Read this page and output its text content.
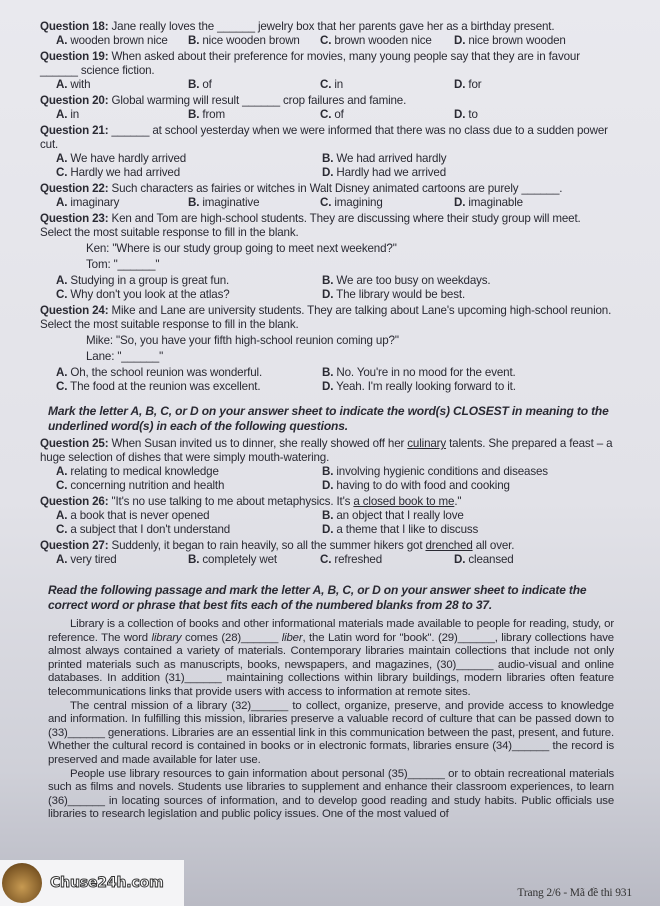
Question 18: Jane really loves the ______ jewelry box that her parents gave her as a birthday present.
A. wooden brown nice	B. nice wooden brown	C. brown wooden nice	D. nice brown wooden
Question 19: When asked about their preference for movies, many young people say that they are in favour ______ science fiction.
A. with	B. of	C. in	D. for
Question 20: Global warming will result ______ crop failures and famine.
A. in	B. from	C. of	D. to
Question 21: ______ at school yesterday when we were informed that there was no class due to a sudden power cut.
A. We have hardly arrived	B. We had arrived hardly
C. Hardly we had arrived	D. Hardly had we arrived
Question 22: Such characters as fairies or witches in Walt Disney animated cartoons are purely ______.
A. imaginary	B. imaginative	C. imagining	D. imaginable
Question 23: Ken and Tom are high-school students. They are discussing where their study group will meet. Select the most suitable response to fill in the blank.
Ken: "Where is our study group going to meet next weekend?"
Tom: "______"
A. Studying in a group is great fun.	B. We are too busy on weekdays.
C. Why don't you look at the atlas?	D. The library would be best.
Question 24: Mike and Lane are university students. They are talking about Lane's upcoming high-school reunion. Select the most suitable response to fill in the blank.
Mike: "So, you have your fifth high-school reunion coming up?"
Lane: "______"
A. Oh, the school reunion was wonderful.	B. No. You're in no mood for the event.
C. The food at the reunion was excellent.	D. Yeah. I'm really looking forward to it.
Mark the letter A, B, C, or D on your answer sheet to indicate the word(s) CLOSEST in meaning to the underlined word(s) in each of the following questions.
Question 25: When Susan invited us to dinner, she really showed off her culinary talents. She prepared a feast – a huge selection of dishes that were simply mouth-watering.
A. relating to medical knowledge	B. involving hygienic conditions and diseases
C. concerning nutrition and health	D. having to do with food and cooking
Question 26: "It's no use talking to me about metaphysics. It's a closed book to me."
A. a book that is never opened	B. an object that I really love
C. a subject that I don't understand	D. a theme that I like to discuss
Question 27: Suddenly, it began to rain heavily, so all the summer hikers got drenched all over.
A. very tired	B. completely wet	C. refreshed	D. cleansed
Read the following passage and mark the letter A, B, C, or D on your answer sheet to indicate the correct word or phrase that best fits each of the numbered blanks from 28 to 37.

Library is a collection of books and other informational materials made available to people for reading, study, or reference. The word library comes (28)______ liber, the Latin word for "book". (29)______, library collections have almost always contained a variety of materials. Contemporary libraries maintain collections that include not only printed materials such as manuscripts, books, newspapers, and magazines, (30)______ audio-visual and online databases. In addition (31)______ maintaining collections within library buildings, modern libraries often feature telecommunications links that provide users with access to information at remote sites.

The central mission of a library (32)______ to collect, organize, preserve, and provide access to knowledge and information. In fulfilling this mission, libraries preserve a valuable record of culture that can be passed down to (33)______ generations. Libraries are an essential link in this communication between the past, present, and future. Whether the cultural record is contained in books or in electronic formats, libraries ensure (34)______ the record is preserved and made available for later use.

People use library resources to gain information about personal (35)______ or to obtain recreational materials such as films and novels. Students use libraries to supplement and enhance their classroom experiences, to learn (36)______ in locating sources of information, and to develop good reading and study habits. Public officials use libraries to research legislation and public policy issues. One of the most valued of

Chuse24h.com
Trang 2/6 - Mã đề thi 931
